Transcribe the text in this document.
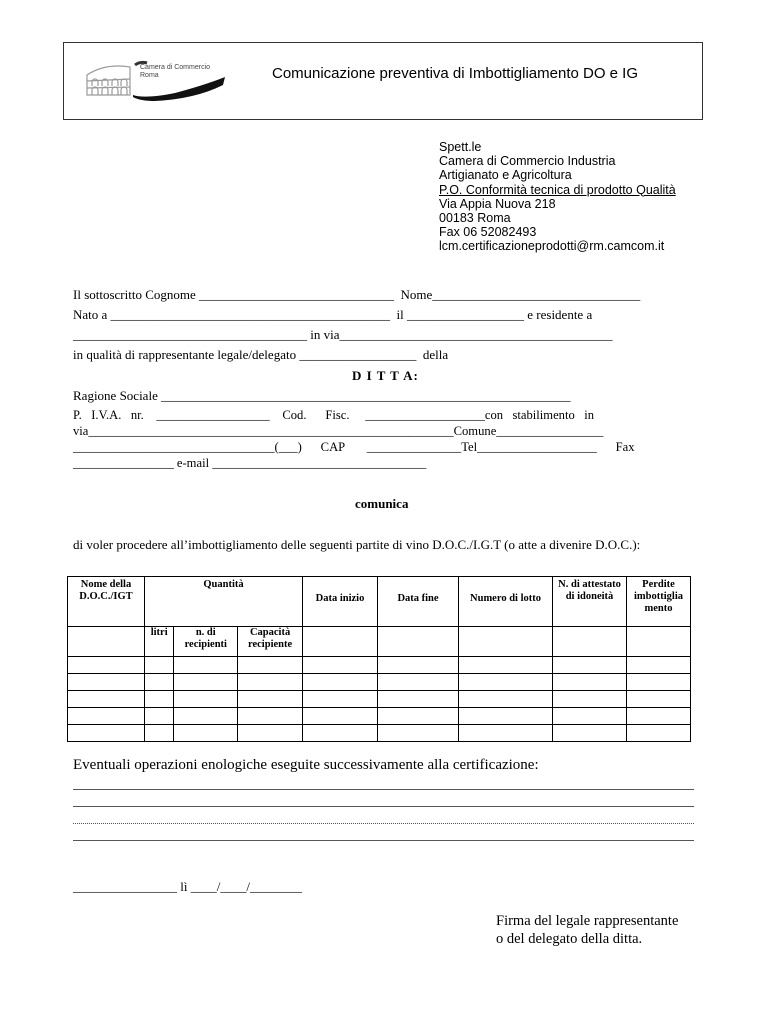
Camera di Commercio
Roma	Comunicazione preventiva di Imbottigliamento DO e IG
Spett.le
Camera di Commercio Industria
Artigianato e Agricoltura
P.O. Conformità tecnica di prodotto Qualità
Via Appia Nuova 218
00183 Roma
Fax 06 52082493
lcm.certificazioneprodotti@rm.camcom.it
Il sottoscritto Cognome ______________________________  Nome________________________________
Nato a ___________________________________________  il __________________ e residente a
____________________________________ in via__________________________________________
in qualità di rappresentante legale/delegato __________________  della
D I T T A:
Ragione Sociale _______________________________________________________________
P.   I.V.A.   nr.    __________________    Cod.      Fisc.     ___________________con   stabilimento   in
via__________________________________________________________Comune_________________
________________________________(___)      CAP       _______________Tel___________________      Fax
________________ e-mail __________________________________
comunica
di voler procedere all’imbottigliamento delle seguenti partite di vino D.O.C./I.G.T (o atte a divenire D.O.C.):
Nome della D.O.C./IGT	Quantità			Data inizio	Data fine	Numero di lotto	N. di attestato di idoneità	Perdite imbottiglia mento

	litri	n. di recipienti	Capacità recipiente					

Eventuali operazioni enologiche eseguite successivamente alla certificazione:
________________ lì ____/____/________
Firma del legale rappresentante
o del delegato della ditta.
